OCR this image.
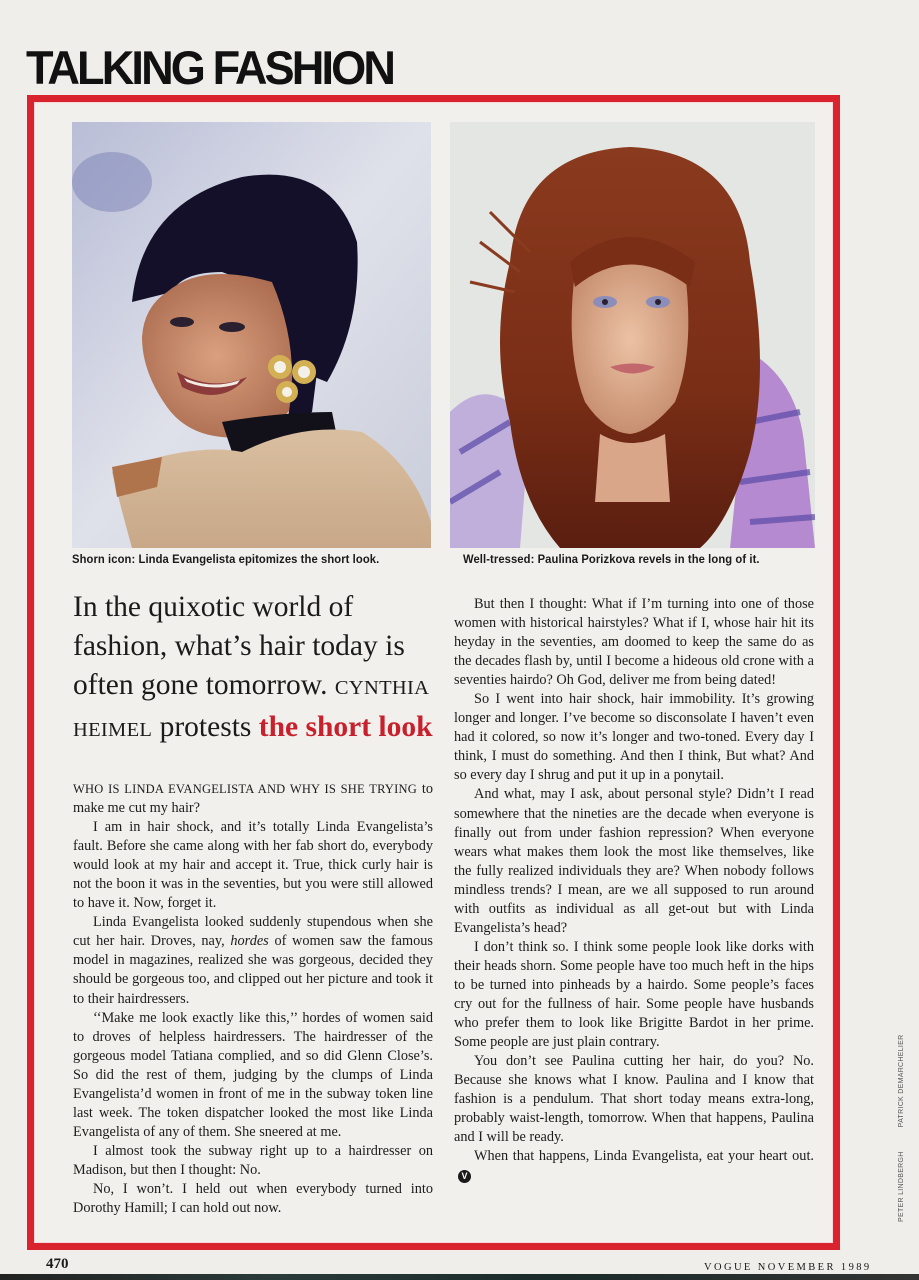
TALKING FASHION
Shorn icon: Linda Evangelista epitomizes the short look.	Well-tressed: Paulina Porizkova revels in the long of it.
In the quixotic world of fashion, what’s hair today is often gone tomorrow. CYNTHIA HEIMEL protests the short look

WHO IS LINDA EVANGELISTA AND WHY IS SHE TRYING to make me cut my hair?

I am in hair shock, and it’s totally Linda Evangelista’s fault. Before she came along with her fab short do, everybody would look at my hair and accept it. True, thick curly hair is not the boon it was in the seventies, but you were still allowed to have it. Now, forget it.

Linda Evangelista looked suddenly stupendous when she cut her hair. Droves, nay, hordes of women saw the famous model in magazines, realized she was gorgeous, decided they should be gorgeous too, and clipped out her picture and took it to their hairdressers.

‘‘Make me look exactly like this,’’ hordes of women said to droves of helpless hairdressers. The hairdresser of the gorgeous model Tatiana complied, and so did Glenn Close’s. So did the rest of them, judging by the clumps of Linda Evangelista’d women in front of me in the subway token line last week. The token dispatcher looked the most like Linda Evangelista of any of them. She sneered at me.

I almost took the subway right up to a hairdresser on Madison, but then I thought: No.

No, I won’t. I held out when everybody turned into Dorothy Hamill; I can hold out now.

But then I thought: What if I’m turning into one of those women with historical hairstyles? What if I, whose hair hit its heyday in the seventies, am doomed to keep the same do as the decades flash by, until I become a hideous old crone with a seventies hairdo? Oh God, deliver me from being dated!

So I went into hair shock, hair immobility. It’s growing longer and longer. I’ve become so disconsolate I haven’t even had it colored, so now it’s longer and two-toned. Every day I think, I must do something. And then I think, But what? And so every day I shrug and put it up in a ponytail.

And what, may I ask, about personal style? Didn’t I read somewhere that the nineties are the decade when everyone is finally out from under fashion repression? When everyone wears what makes them look the most like themselves, like the fully realized individuals they are? When nobody follows mindless trends? I mean, are we all supposed to run around with outfits as individual as all get-out but with Linda Evangelista’s head?

I don’t think so. I think some people look like dorks with their heads shorn. Some people have too much heft in the hips to be turned into pinheads by a hairdo. Some people’s faces cry out for the fullness of hair. Some people have husbands who prefer them to look like Brigitte Bardot in her prime. Some people are just plain contrary.

You don’t see Paulina cutting her hair, do you? No. Because she knows what I know. Paulina and I know that fashion is a pendulum. That short today means extra-long, probably waist-length, tomorrow. When that happens, Paulina and I will be ready.

When that happens, Linda Evangelista, eat your heart out.V

470	VOGUE NOVEMBER 1989
PETER LINDBERGHPATRICK DEMARCHELIER
